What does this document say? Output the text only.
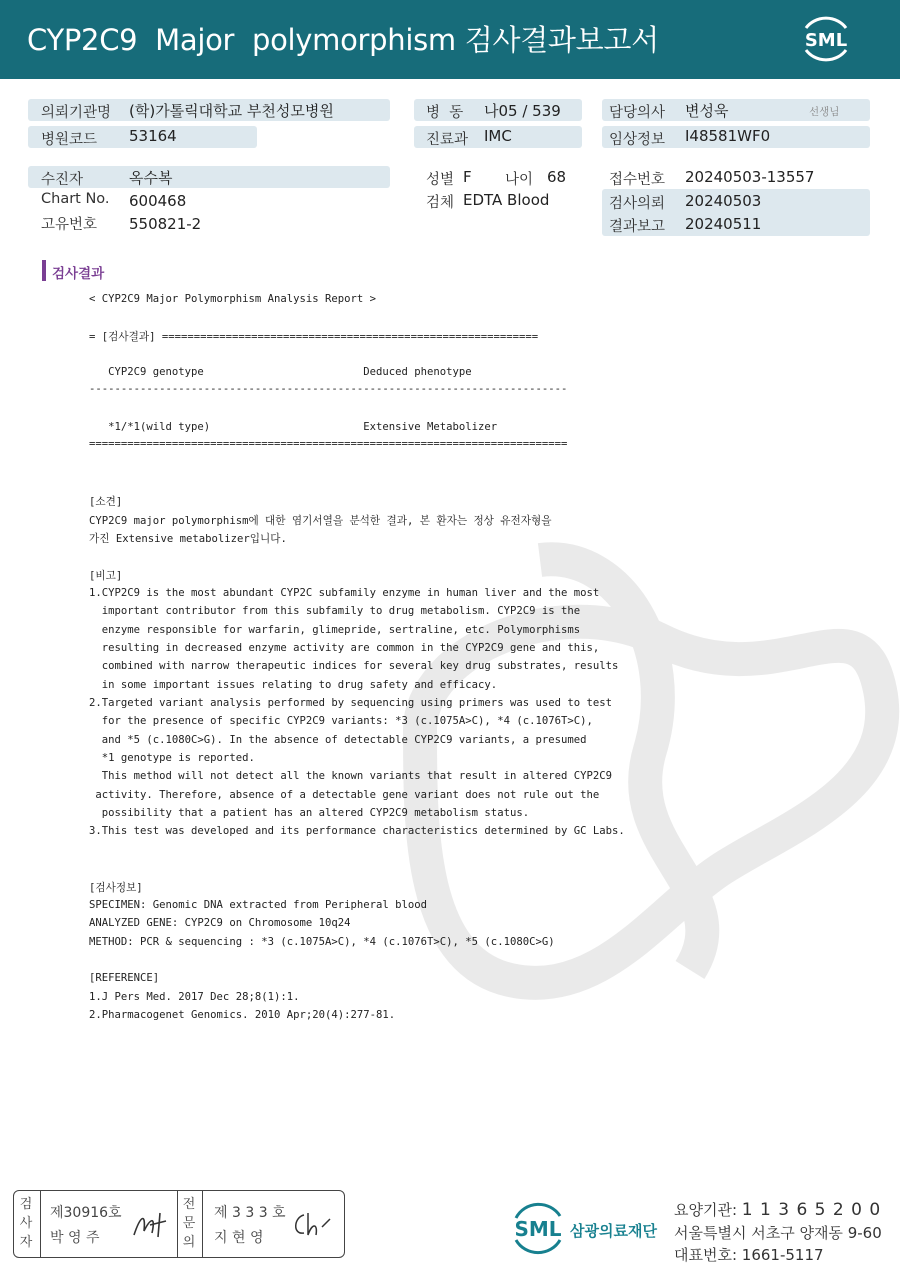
CYP2C9  Major  polymorphism 검사결과보고서	SML
의뢰기관명 (학)가톨릭대학교 부천성모병원
병원코드 53164
병  동 나05 / 539
진료과 IMC
담당의사 변성욱	선생님
임상정보 I48581WF0
수진자	옥수복
Chart No. 600468
고유번호 550821-2
성별 F 나이 68
검체 EDTA Blood
접수번호 20240503-13557
검사의뢰 20240503
결과보고 20240511
검사결과
< CYP2C9 Major Polymorphism Analysis Report >
= [검사결과] ===========================================================
CYP2C9 genotype                         Deduced phenotype
---------------------------------------------------------------------------
*1/*1(wild type)                        Extensive Metabolizer
===========================================================================
[소견]
CYP2C9 major polymorphism에 대한 염기서열을 분석한 결과, 본 환자는 정상 유전자형을
가진 Extensive metabolizer입니다.
[비고]
1.CYP2C9 is the most abundant CYP2C subfamily enzyme in human liver and the most
important contributor from this subfamily to drug metabolism. CYP2C9 is the
enzyme responsible for warfarin, glimepride, sertraline, etc. Polymorphisms
resulting in decreased enzyme activity are common in the CYP2C9 gene and this,
combined with narrow therapeutic indices for several key drug substrates, results
in some important issues relating to drug safety and efficacy.
2.Targeted variant analysis performed by sequencing using primers was used to test
for the presence of specific CYP2C9 variants: *3 (c.1075A>C), *4 (c.1076T>C),
and *5 (c.1080C>G). In the absence of detectable CYP2C9 variants, a presumed
*1 genotype is reported.
This method will not detect all the known variants that result in altered CYP2C9
activity. Therefore, absence of a detectable gene variant does not rule out the
possibility that a patient has an altered CYP2C9 metabolism status.
3.This test was developed and its performance characteristics determined by GC Labs.
[검사정보]
SPECIMEN: Genomic DNA extracted from Peripheral blood
ANALYZED GENE: CYP2C9 on Chromosome 10q24
METHOD: PCR & sequencing : *3 (c.1075A>C), *4 (c.1076T>C), *5 (c.1080C>G)
[REFERENCE]
1.J Pers Med. 2017 Dec 28;8(1):1.
2.Pharmacogenet Genomics. 2010 Apr;20(4):277-81.
검사자
제30916호
박 영 주
전문의
제 3 3 3 호
지 현 영	SML 삼광의료재단
요양기관: 1 1 3 6 5 2 0 0
서울특별시 서초구 양재동 9-60
대표번호: 1661-5117
